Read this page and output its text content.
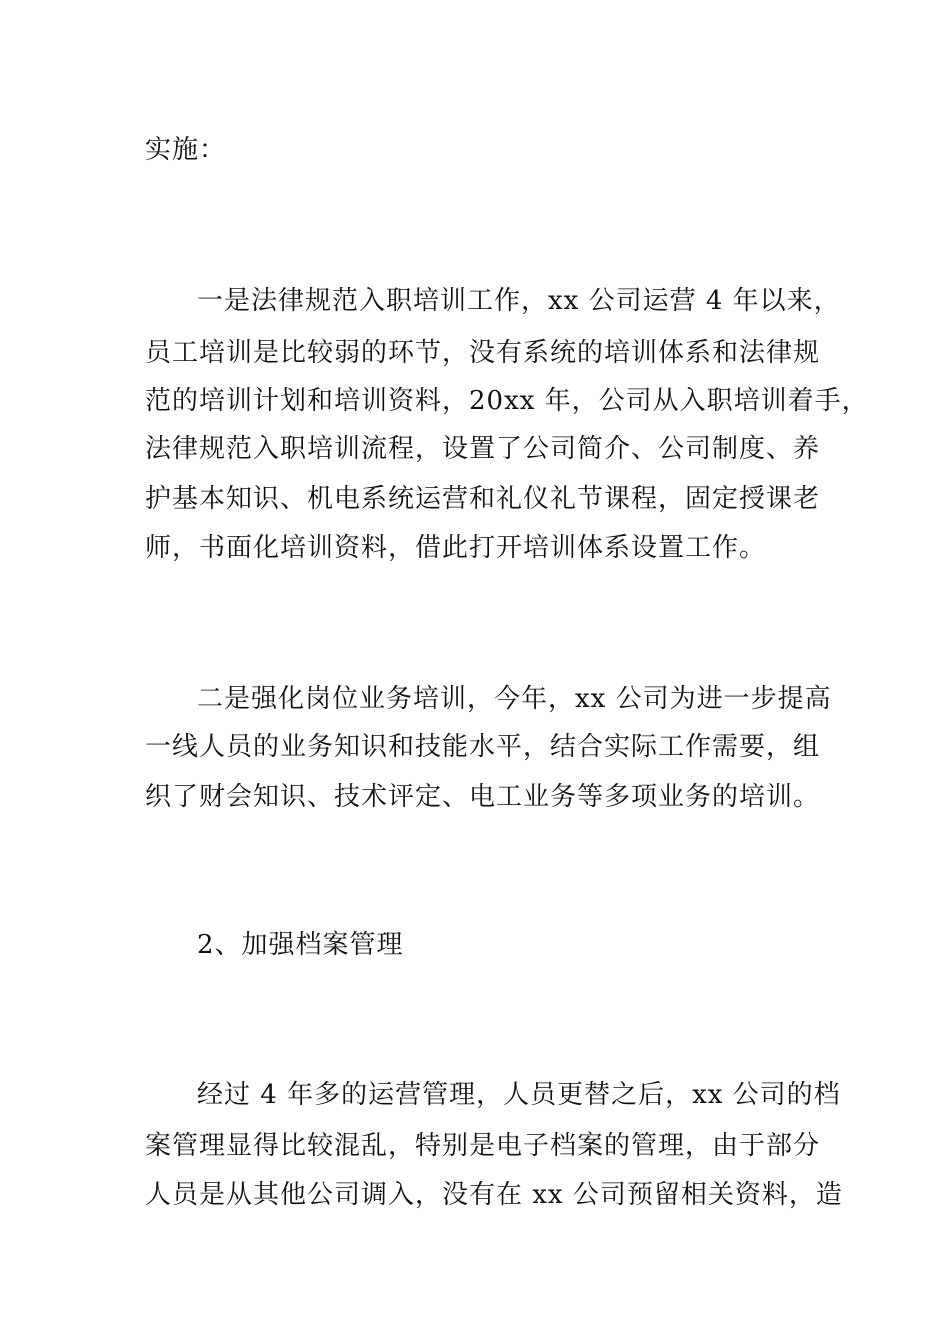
实施：
一是法律规范入职培训工作，xx 公司运营 4 年以来，
员工培训是比较弱的环节，没有系统的培训体系和法律规
范的培训计划和培训资料，20xx 年，公司从入职培训着手，
法律规范入职培训流程，设置了公司简介、公司制度、养
护基本知识、机电系统运营和礼仪礼节课程，固定授课老
师，书面化培训资料，借此打开培训体系设置工作。
二是强化岗位业务培训，今年，xx 公司为进一步提高
一线人员的业务知识和技能水平，结合实际工作需要，组
织了财会知识、技术评定、电工业务等多项业务的培训。
2、加强档案管理
经过 4 年多的运营管理，人员更替之后，xx 公司的档
案管理显得比较混乱，特别是电子档案的管理，由于部分
人员是从其他公司调入，没有在 xx 公司预留相关资料，造
